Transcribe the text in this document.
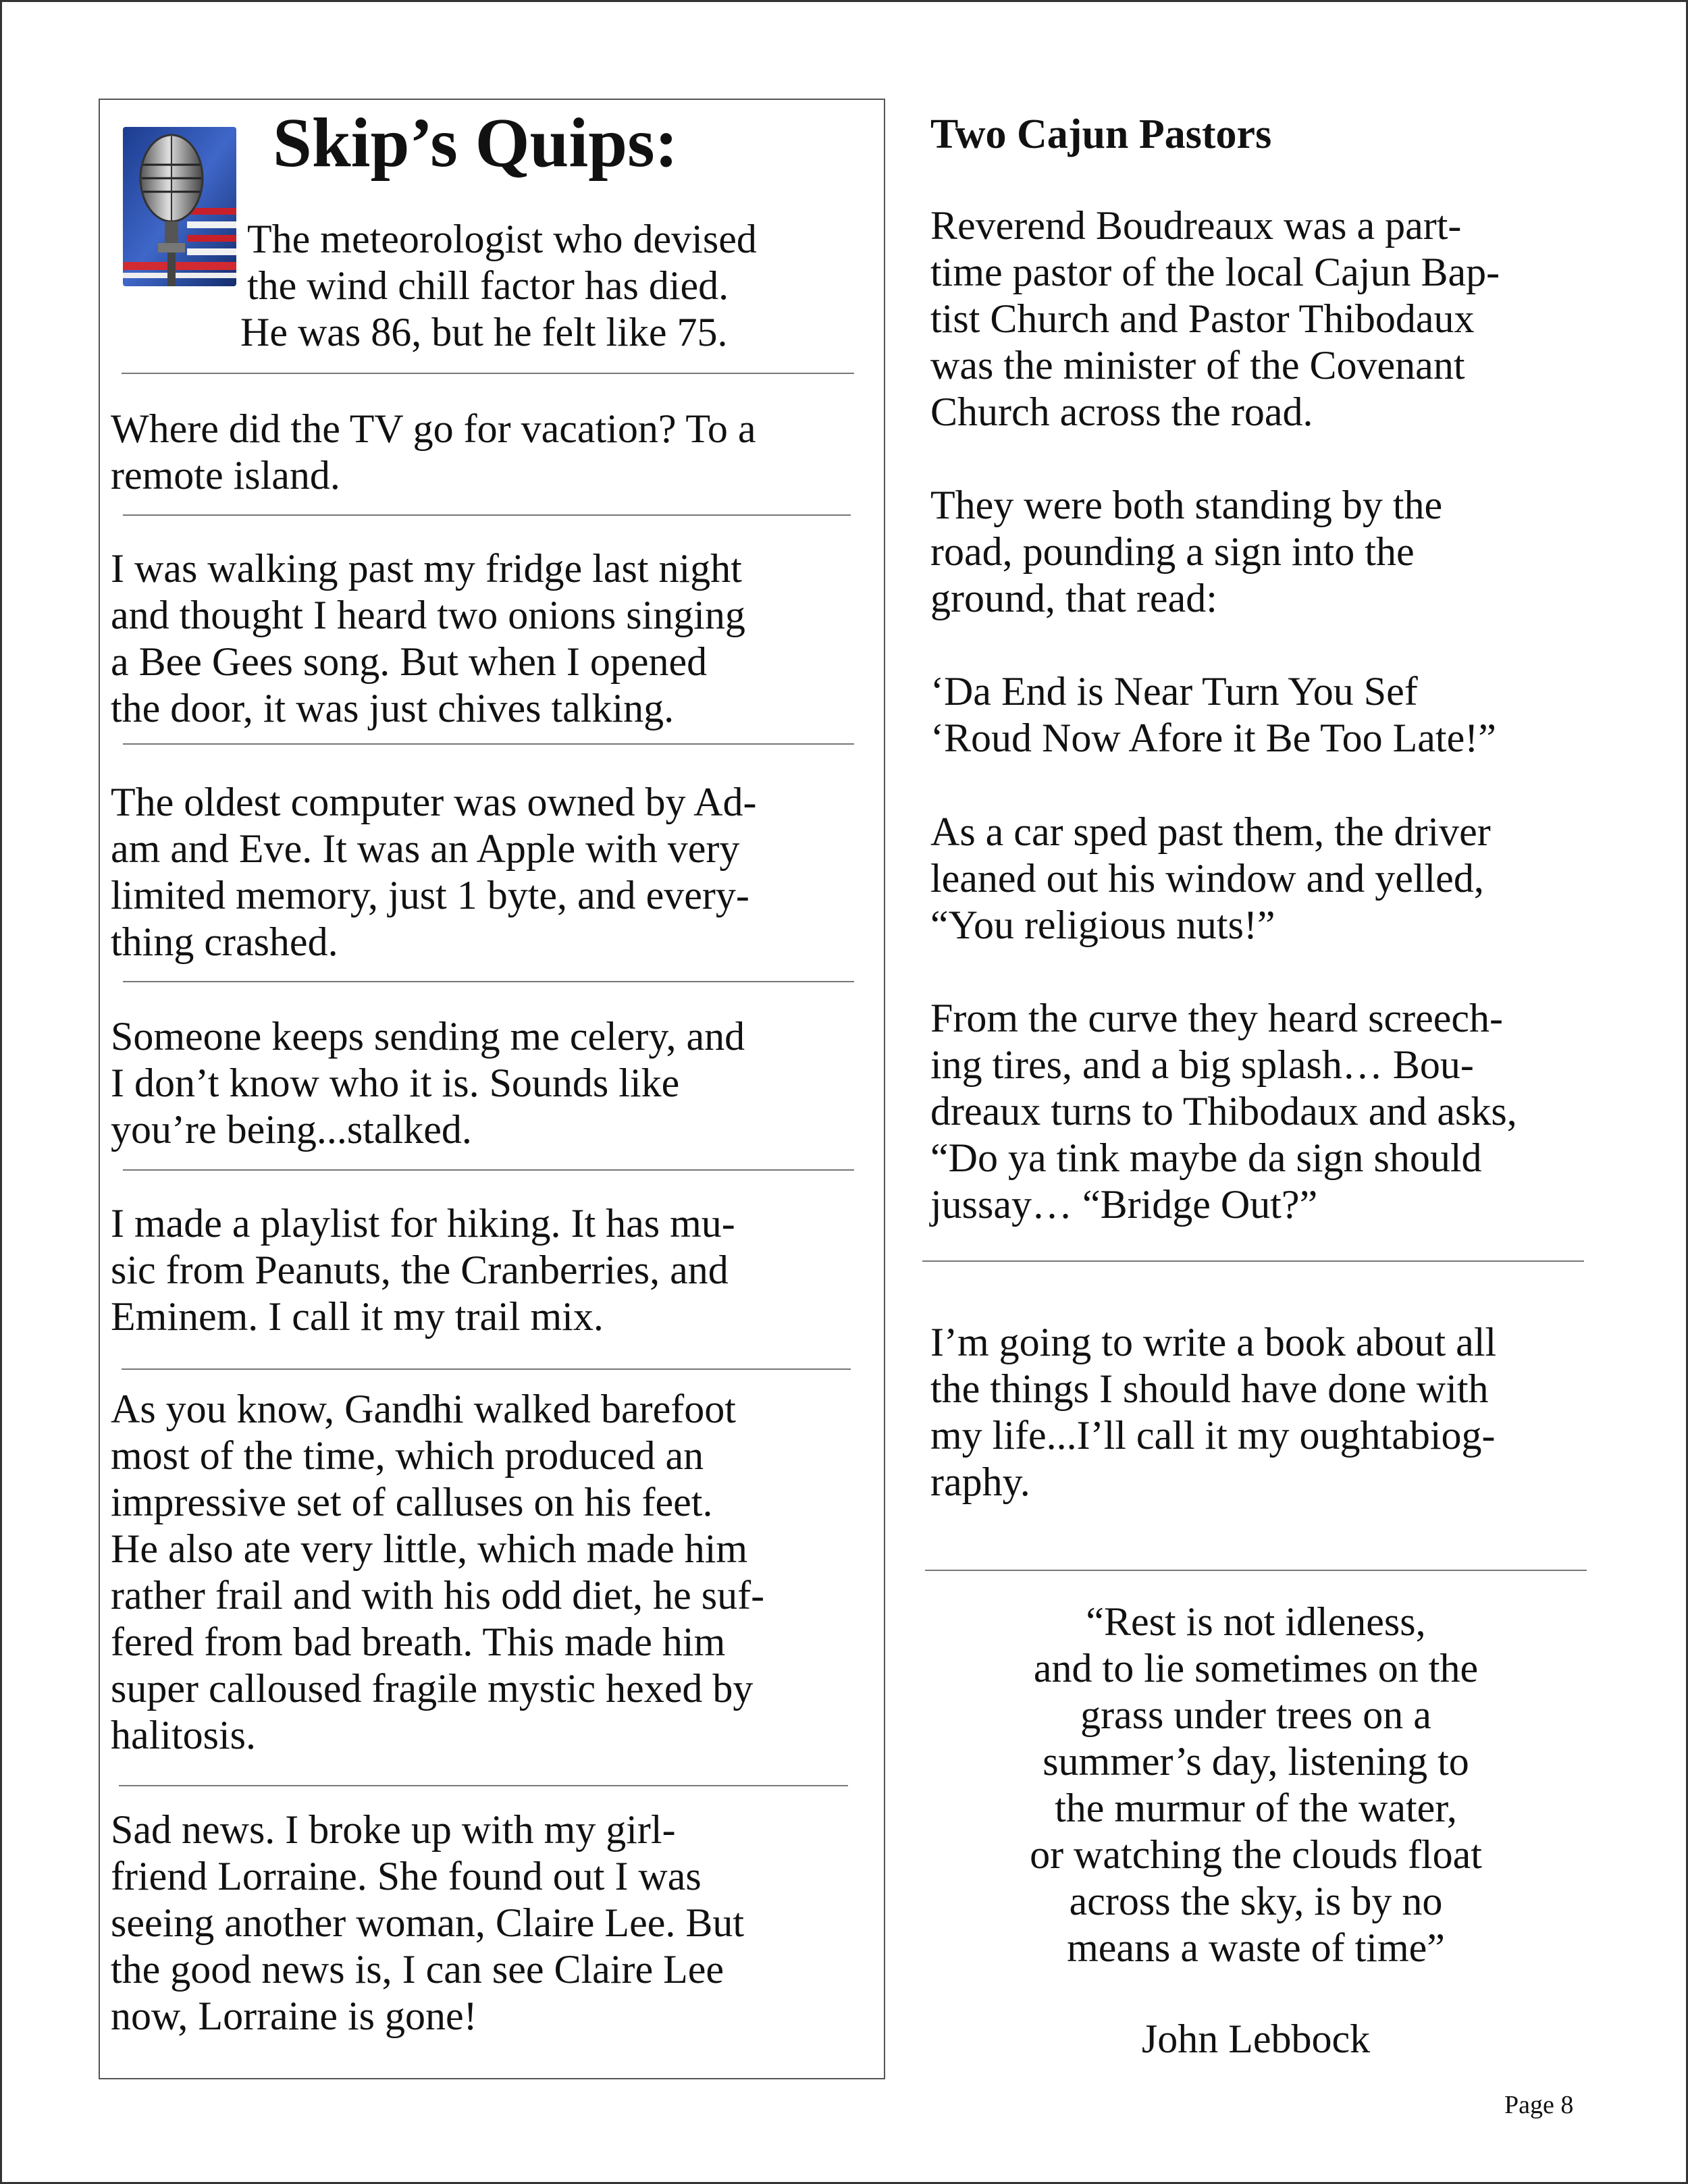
Skip’s Quips:

The meteorologist who devised
the wind chill factor has died.
He was 86, but he felt like 75.

Where did the TV go for vacation? To a
remote island.

I was walking past my fridge last night
and thought I heard two onions singing
a Bee Gees song. But when I opened
the door, it was just chives talking.

The oldest computer was owned by Ad-
am and Eve. It was an Apple with very
limited memory, just 1 byte, and every-
thing crashed.

Someone keeps sending me celery, and
I don’t know who it is. Sounds like
you’re being...stalked.

I made a playlist for hiking. It has mu-
sic from Peanuts, the Cranberries, and
Eminem. I call it my trail mix.

As you know, Gandhi walked barefoot
most of the time, which produced an
impressive set of calluses on his feet.
He also ate very little, which made him
rather frail and with his odd diet, he suf-
fered from bad breath. This made him
super calloused fragile mystic hexed by
halitosis.

Sad news. I broke up with my girl-
friend Lorraine. She found out I was
seeing another woman, Claire Lee. But
the good news is, I can see Claire Lee
now, Lorraine is gone!

Two Cajun Pastors

Reverend Boudreaux was a part-
time pastor of the local Cajun Bap-
tist Church and Pastor Thibodaux
was the minister of the Covenant
Church across the road.

They were both standing by the
road, pounding a sign into the
ground, that read:

‘Da End is Near Turn You Sef
‘Roud Now Afore it Be Too Late!”

As a car sped past them, the driver
leaned out his window and yelled,
“You religious nuts!”

From the curve they heard screech-
ing tires, and a big splash… Bou-
dreaux turns to Thibodaux and asks,
“Do ya tink maybe da sign should
jussay… “Bridge Out?”

I’m going to write a book about all
the things I should have done with
my life...I’ll call it my oughtabiog-
raphy.

“Rest is not idleness,
and to lie sometimes on the
grass under trees on a
summer’s day, listening to
the murmur of the water,
or watching the clouds float
across the sky, is by no
means a waste of time”

John Lebbock

Page 8
